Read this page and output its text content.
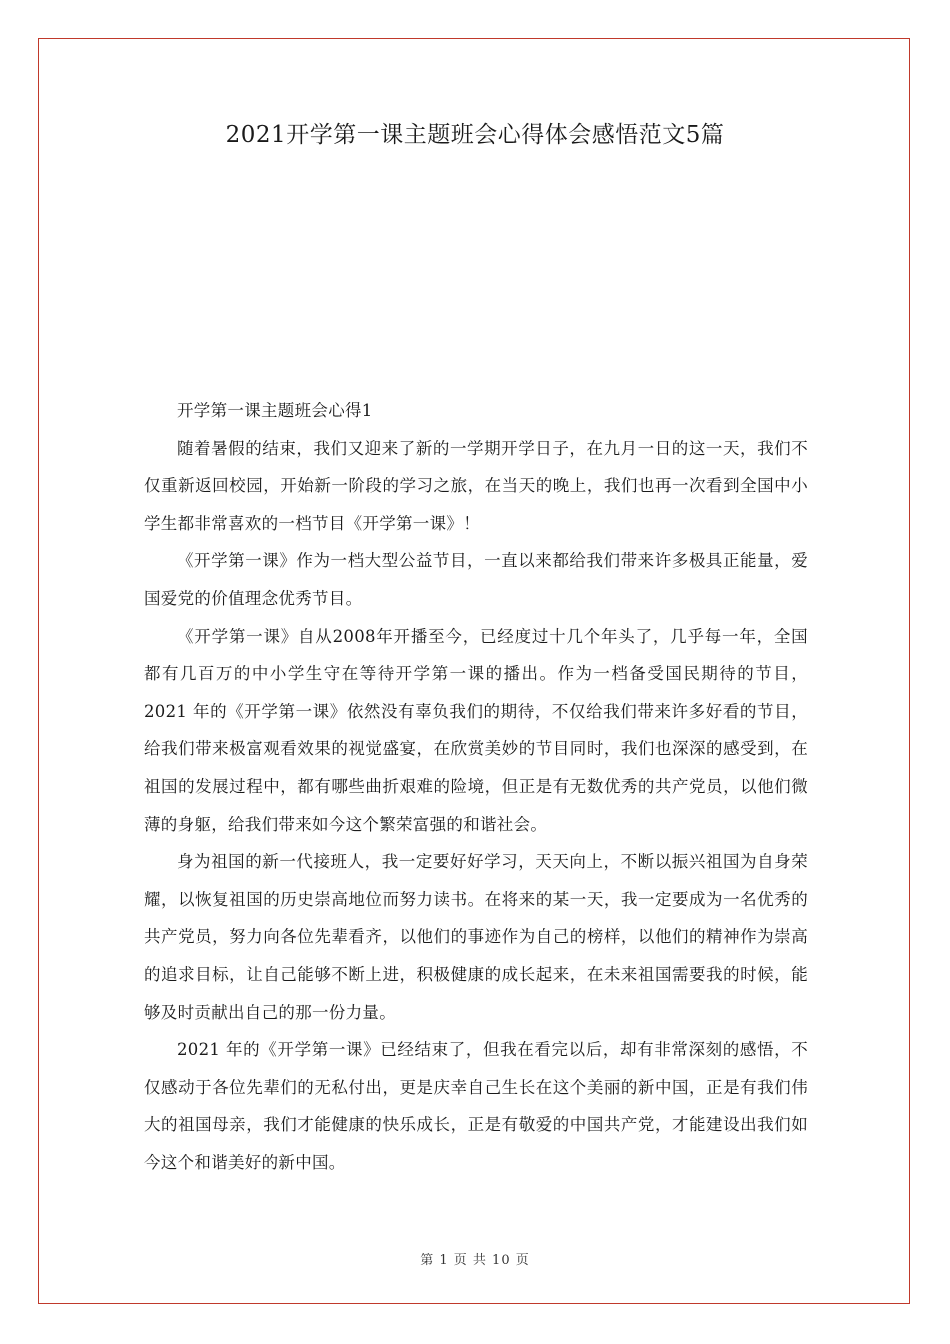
2021开学第一课主题班会心得体会感悟范文5篇

开学第一课主题班会心得1

随着暑假的结束，我们又迎来了新的一学期开学日子，在九月一日的这一天，我们不仅重新返回校园，开始新一阶段的学习之旅，在当天的晚上，我们也再一次看到全国中小学生都非常喜欢的一档节目《开学第一课》！

《开学第一课》作为一档大型公益节目，一直以来都给我们带来许多极具正能量，爱国爱党的价值理念优秀节目。

《开学第一课》自从2008年开播至今，已经度过十几个年头了，几乎每一年，全国都有几百万的中小学生守在等待开学第一课的播出。作为一档备受国民期待的节目，2021 年的《开学第一课》依然没有辜负我们的期待，不仅给我们带来许多好看的节目，给我们带来极富观看效果的视觉盛宴，在欣赏美妙的节目同时，我们也深深的感受到，在祖国的发展过程中，都有哪些曲折艰难的险境，但正是有无数优秀的共产党员，以他们微薄的身躯，给我们带来如今这个繁荣富强的和谐社会。

身为祖国的新一代接班人，我一定要好好学习，天天向上，不断以振兴祖国为自身荣耀，以恢复祖国的历史崇高地位而努力读书。在将来的某一天，我一定要成为一名优秀的共产党员，努力向各位先辈看齐，以他们的事迹作为自己的榜样，以他们的精神作为崇高的追求目标，让自己能够不断上进，积极健康的成长起来，在未来祖国需要我的时候，能够及时贡献出自己的那一份力量。

2021 年的《开学第一课》已经结束了，但我在看完以后，却有非常深刻的感悟，不仅感动于各位先辈们的无私付出，更是庆幸自己生长在这个美丽的新中国，正是有我们伟大的祖国母亲，我们才能健康的快乐成长，正是有敬爱的中国共产党，才能建设出我们如今这个和谐美好的新中国。

第 1 页 共 10 页
